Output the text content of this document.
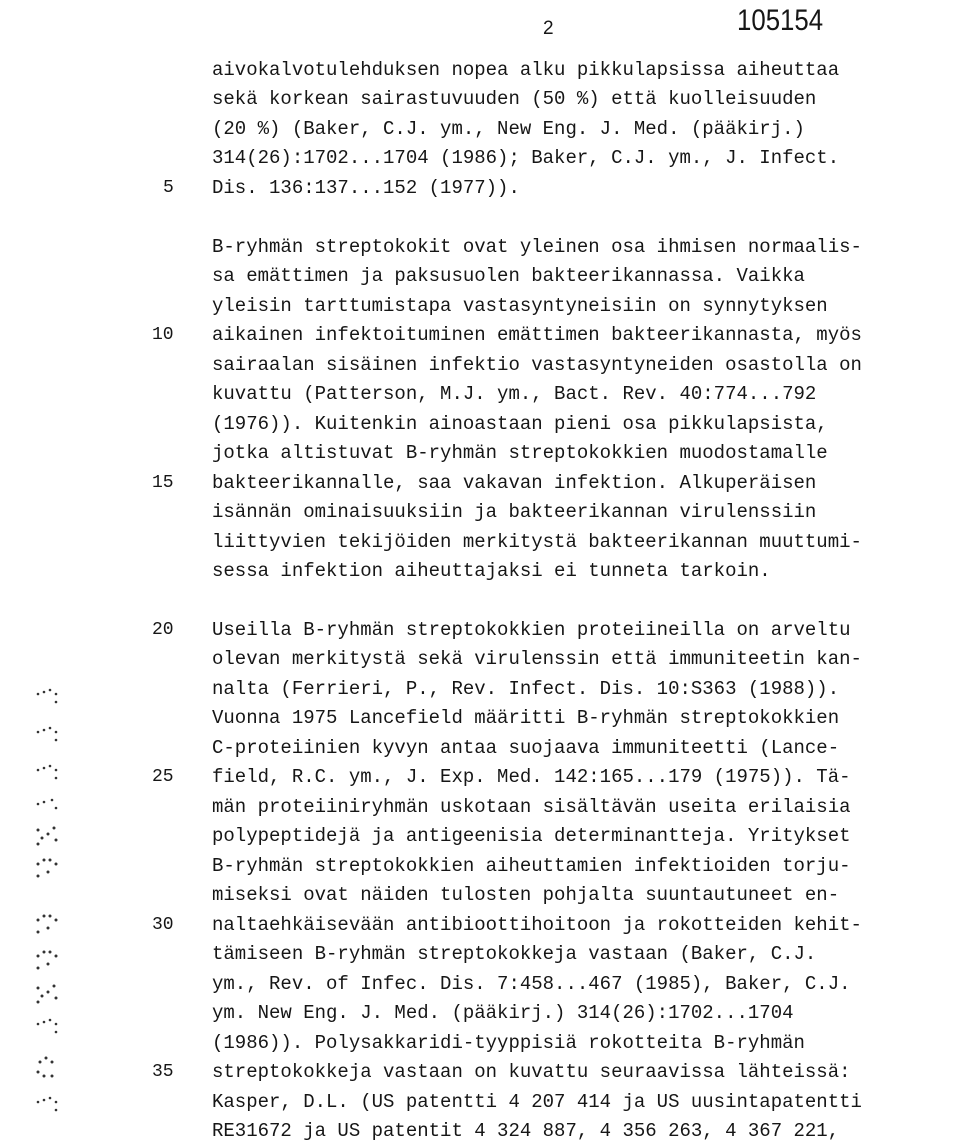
2	105154
aivokalvotulehduksen nopea alku pikkulapsissa aiheuttaa
sekä korkean sairastuvuuden (50 %) että kuolleisuuden
(20 %) (Baker, C.J. ym., New Eng. J. Med. (pääkirj.)
314(26):1702...1704 (1986); Baker, C.J. ym., J. Infect.
Dis. 136:137...152 (1977)).
B-ryhmän streptokokit ovat yleinen osa ihmisen normaalis-
sa emättimen ja paksusuolen bakteerikannassa. Vaikka
yleisin tarttumistapa vastasyntyneisiin on synnytyksen
aikainen infektoituminen emättimen bakteerikannasta, myös
sairaalan sisäinen infektio vastasyntyneiden osastolla on
kuvattu (Patterson, M.J. ym., Bact. Rev. 40:774...792
(1976)). Kuitenkin ainoastaan pieni osa pikkulapsista,
jotka altistuvat B-ryhmän streptokokkien muodostamalle
bakteerikannalle, saa vakavan infektion. Alkuperäisen
isännän ominaisuuksiin ja bakteerikannan virulenssiin
liittyvien tekijöiden merkitystä bakteerikannan muuttumi-
sessa infektion aiheuttajaksi ei tunneta tarkoin.
Useilla B-ryhmän streptokokkien proteiineilla on arveltu
olevan merkitystä sekä virulenssin että immuniteetin kan-
nalta (Ferrieri, P., Rev. Infect. Dis. 10:S363 (1988)).
Vuonna 1975 Lancefield määritti B-ryhmän streptokokkien
C-proteiinien kyvyn antaa suojaava immuniteetti (Lance-
field, R.C. ym., J. Exp. Med. 142:165...179 (1975)). Tä-
män proteiiniryhmän uskotaan sisältävän useita erilaisia
polypeptidejä ja antigeenisia determinantteja. Yritykset
B-ryhmän streptokokkien aiheuttamien infektioiden torju-
miseksi ovat näiden tulosten pohjalta suuntautuneet en-
naltaehkäisevään antibioottihoitoon ja rokotteiden kehit-
tämiseen B-ryhmän streptokokkeja vastaan (Baker, C.J.
ym., Rev. of Infec. Dis. 7:458...467 (1985), Baker, C.J.
ym. New Eng. J. Med. (pääkirj.) 314(26):1702...1704
(1986)). Polysakkaridi-tyyppisiä rokotteita B-ryhmän
streptokokkeja vastaan on kuvattu seuraavissa lähteissä:
Kasper, D.L. (US patentti 4 207 414 ja US uusintapatentti
RE31672 ja US patentit 4 324 887, 4 356 263, 4 367 221,
5
10
15
20
25
30
35
